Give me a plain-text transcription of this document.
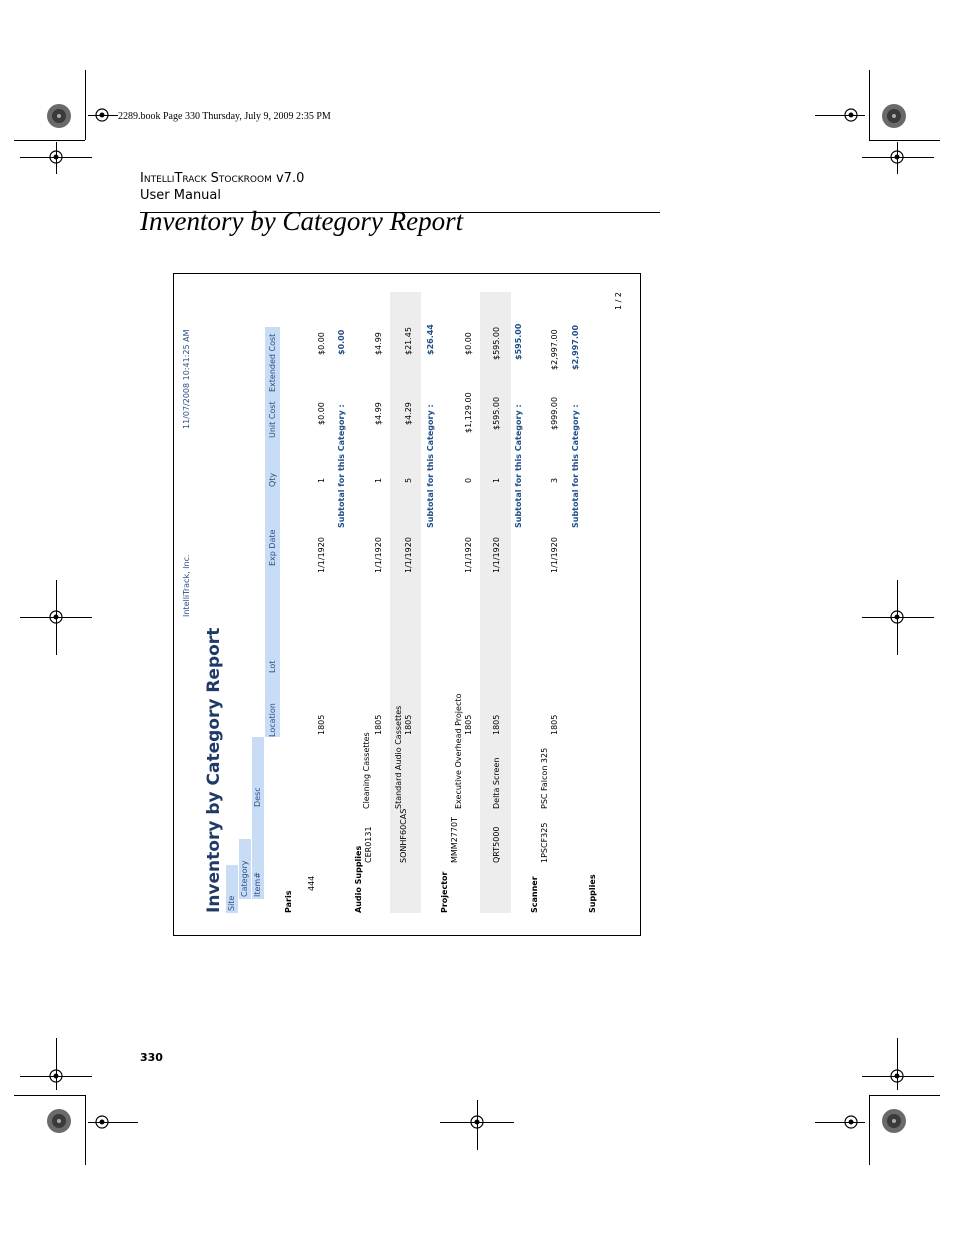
2289.book Page 330 Thursday, July 9, 2009 2:35 PM
IntelliTrack Stockroom v7.0
User Manual
Inventory by Category Report
Inventory by Category Report
IntelliTrack, Inc.
11/07/2008 10:41:25 AM
Site
Category Item#
Desc
Location
Lot
Exp Date
Qty
Unit Cost
Extended Cost
Paris
444
1805
1/1/1920
1
$0.00
$0.00
Subtotal for this Category :
$0.00
Audio Supplies
CER0131
Cleaning Cassettes
1805
1/1/1920
1
$4.99
$4.99
SONHF60CAS
Standard Audio Cassettes 1805
1/1/1920
5
$4.29
$21.45
Subtotal for this Category :
$26.44
Projector
MMM2770T
Executive Overhead Projecto 1805
1/1/1920
0
$1,129.00
$0.00
QRT5000
Delta Screen
1805
1/1/1920
1
$595.00
$595.00
Subtotal for this Category :
$595.00
Scanner
1PSCF325
PSC Falcon 325
1805
1/1/1920
3
$999.00
$2,997.00
Subtotal for this Category :
$2,997.00
Supplies
1 / 2
330
